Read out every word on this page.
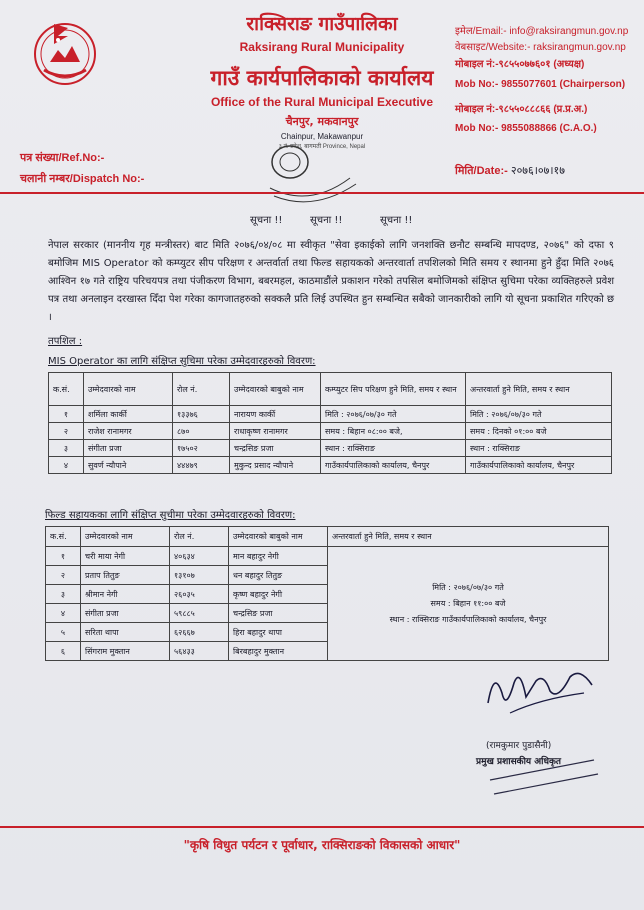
राक्सिराङ गाउँपालिका
Raksirang Rural Municipality
गाउँ कार्यपालिकाको कार्यालय
Office of the Rural Municipal Executive
चैनपुर, मकवानपुर
Chainpur, Makawanpur
३ नं. प्रदेश, बागमती Province, Nepal
इमेल/Email:- info@raksirangmun.gov.np
वेबसाइट/Website:- raksirangmun.gov.np
मोबाइल नं:-९८५५०७७६०१ (अध्यक्ष)
Mob No:- 9855077601 (Chairperson)
मोबाइल नं:-९८५५०८८८६६ (प्र.प्र.अ.)
Mob No:- 9855088866 (C.A.O.)
पत्र संख्या/Ref.No:-
चलानी नम्बर/Dispatch No:-
मिति/Date:- २०७६।०७।१७
सूचना !!	सूचना !!	सूचना !!
नेपाल सरकार (माननीय गृह मन्त्रीस्तर) बाट मिति २०७६/०४/०८ मा स्वीकृत "सेवा इकाईको लागि जनशक्ति छनौट सम्बन्धि मापदण्ड, २०७६" को दफा ९ बमोजिम MIS Operator को कम्प्युटर सीप परिक्षण र अन्तर्वार्ता तथा फिल्ड सहायकको अन्तरवार्ता तपशिलको मिति समय र स्थानमा हुने हुँदा मिति २०७६ आश्विन १७ गते राष्ट्रिय परिचयपत्र तथा पंजीकरण विभाग, बबरमहल, काठमाडौंले प्रकाशन गरेको तपसिल बमोजिमको संक्षिप्त सुचिमा परेका व्यक्तिहरुले प्रवेश पत्र तथा अनलाइन दरखास्त दिँदा पेश गरेका कागजातहरुको सक्कलै प्रति लिई उपस्थित हुन सम्बन्धित सबैको जानकारीको लागि यो सूचना प्रकाशित गरिएको छ ।
तपशिल :
MIS Operator का लागि संक्षिप्त सुचिमा परेका उम्मेदवारहरुको विवरण:
क.सं.	उम्मेदवारको नाम	रोल नं.	उम्मेदवारको बाबुको नाम	कम्प्युटर सिप परिक्षण हुने मिति, समय र स्थान	अन्तरवार्ता हुने मिति, समय र स्थान
१	शर्मिला कार्की	१३३७६	नारायण कार्की	मिति : २०७६/०७/३० गते	मिति : २०७६/०७/३० गते
२	राजेश रानामगर	८७०	राधाकृष्ण रानामगर	समय : बिहान ०८:०० बजे,	समय : दिनको ०१:०० बजे
३	संगीता प्रजा	१७५०२	चन्द्रसिङ प्रजा	स्थान : राक्सिराङ	स्थान : राक्सिराङ
४	सुवर्ण न्यौपाने	४४४७९	मुकुन्द प्रसाद न्यौपाने	गाउँकार्यपालिकाको कार्यालय, चैनपुर	गाउँकार्यपालिकाको कार्यालय, चैनपुर
फिल्ड सहायकका लागि संक्षिप्त सुचीमा परेका उम्मेदवारहरुको विवरण:
क.सं.	उम्मेदवारको नाम	रोल नं.	उम्मेदवारको बाबुको नाम	अन्तरवार्ता हुने मिति, समय र स्थान
१	चरी माया नेगी	४०६३४	मान बहादुर नेगी	मिति : २०७६/०७/३० गते
समय : बिहान ११:०० बजे
स्थान : राक्सिराङ गाउँकार्यपालिकाको कार्यालय, चैनपुर

२	प्रताप तितुङ	१३१०७	धन बहादुर तितुङ	
३	श्रीमान नेगी	२६०३५	कृष्ण बहादुर नेगी	
४	संगीता प्रजा	५९८८५	चन्द्रसिङ प्रजा	
५	सरिता थापा	६२६६७	हिरा बहादुर थापा	
६	सिंगराम मुक्तान	५६४३३	बिरबहादुर मुक्तान	
(रामकुमार पुडासैनी)
प्रमुख प्रशासकीय अधिकृत
"कृषि विधुत पर्यटन र पूर्वाधार, राक्सिराङको विकासको आधार"
